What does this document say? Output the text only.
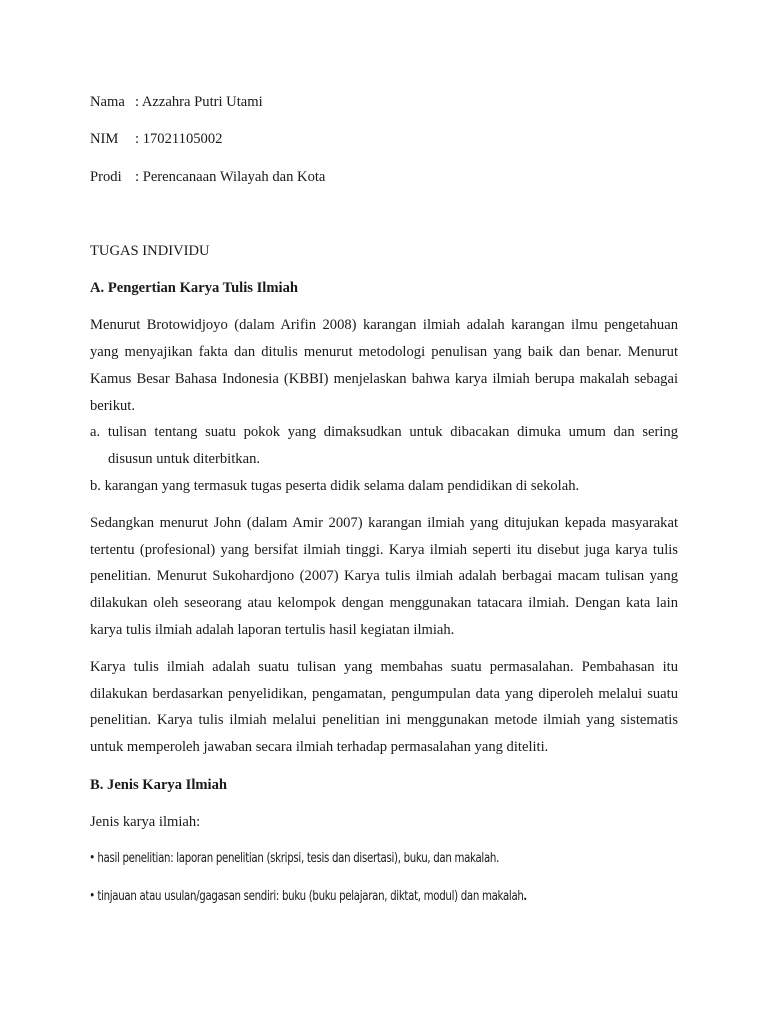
Nama : Azzahra Putri Utami
NIM : 17021105002
Prodi : Perencanaan Wilayah dan Kota
TUGAS INDIVIDU
A. Pengertian Karya Tulis Ilmiah
Menurut Brotowidjoyo (dalam Arifin 2008) karangan ilmiah adalah karangan ilmu pengetahuan
yang menyajikan fakta dan ditulis menurut metodologi penulisan yang baik dan benar. Menurut
Kamus Besar Bahasa Indonesia (KBBI) menjelaskan bahwa karya ilmiah berupa makalah sebagai
berikut.
a. tulisan tentang suatu pokok yang dimaksudkan untuk dibacakan dimuka umum dan sering
disusun untuk diterbitkan.
b. karangan yang termasuk tugas peserta didik selama dalam pendidikan di sekolah.
Sedangkan menurut John (dalam Amir 2007) karangan ilmiah yang ditujukan kepada masyarakat
tertentu (profesional) yang bersifat ilmiah tinggi. Karya ilmiah seperti itu disebut juga karya tulis
penelitian. Menurut Sukohardjono (2007) Karya tulis ilmiah adalah berbagai macam tulisan yang
dilakukan oleh seseorang atau kelompok dengan menggunakan tatacara ilmiah. Dengan kata lain
karya tulis ilmiah adalah laporan tertulis hasil kegiatan ilmiah.
Karya tulis ilmiah adalah suatu tulisan yang membahas suatu permasalahan. Pembahasan itu
dilakukan berdasarkan penyelidikan, pengamatan, pengumpulan data yang diperoleh melalui suatu
penelitian. Karya tulis ilmiah melalui penelitian ini menggunakan metode ilmiah yang sistematis
untuk memperoleh jawaban secara ilmiah terhadap permasalahan yang diteliti.
B. Jenis Karya Ilmiah
Jenis karya ilmiah:
• hasil penelitian: laporan penelitian (skripsi, tesis dan disertasi), buku, dan makalah.
• tinjauan atau usulan/gagasan sendiri: buku (buku pelajaran, diktat, modul) dan makalah.
